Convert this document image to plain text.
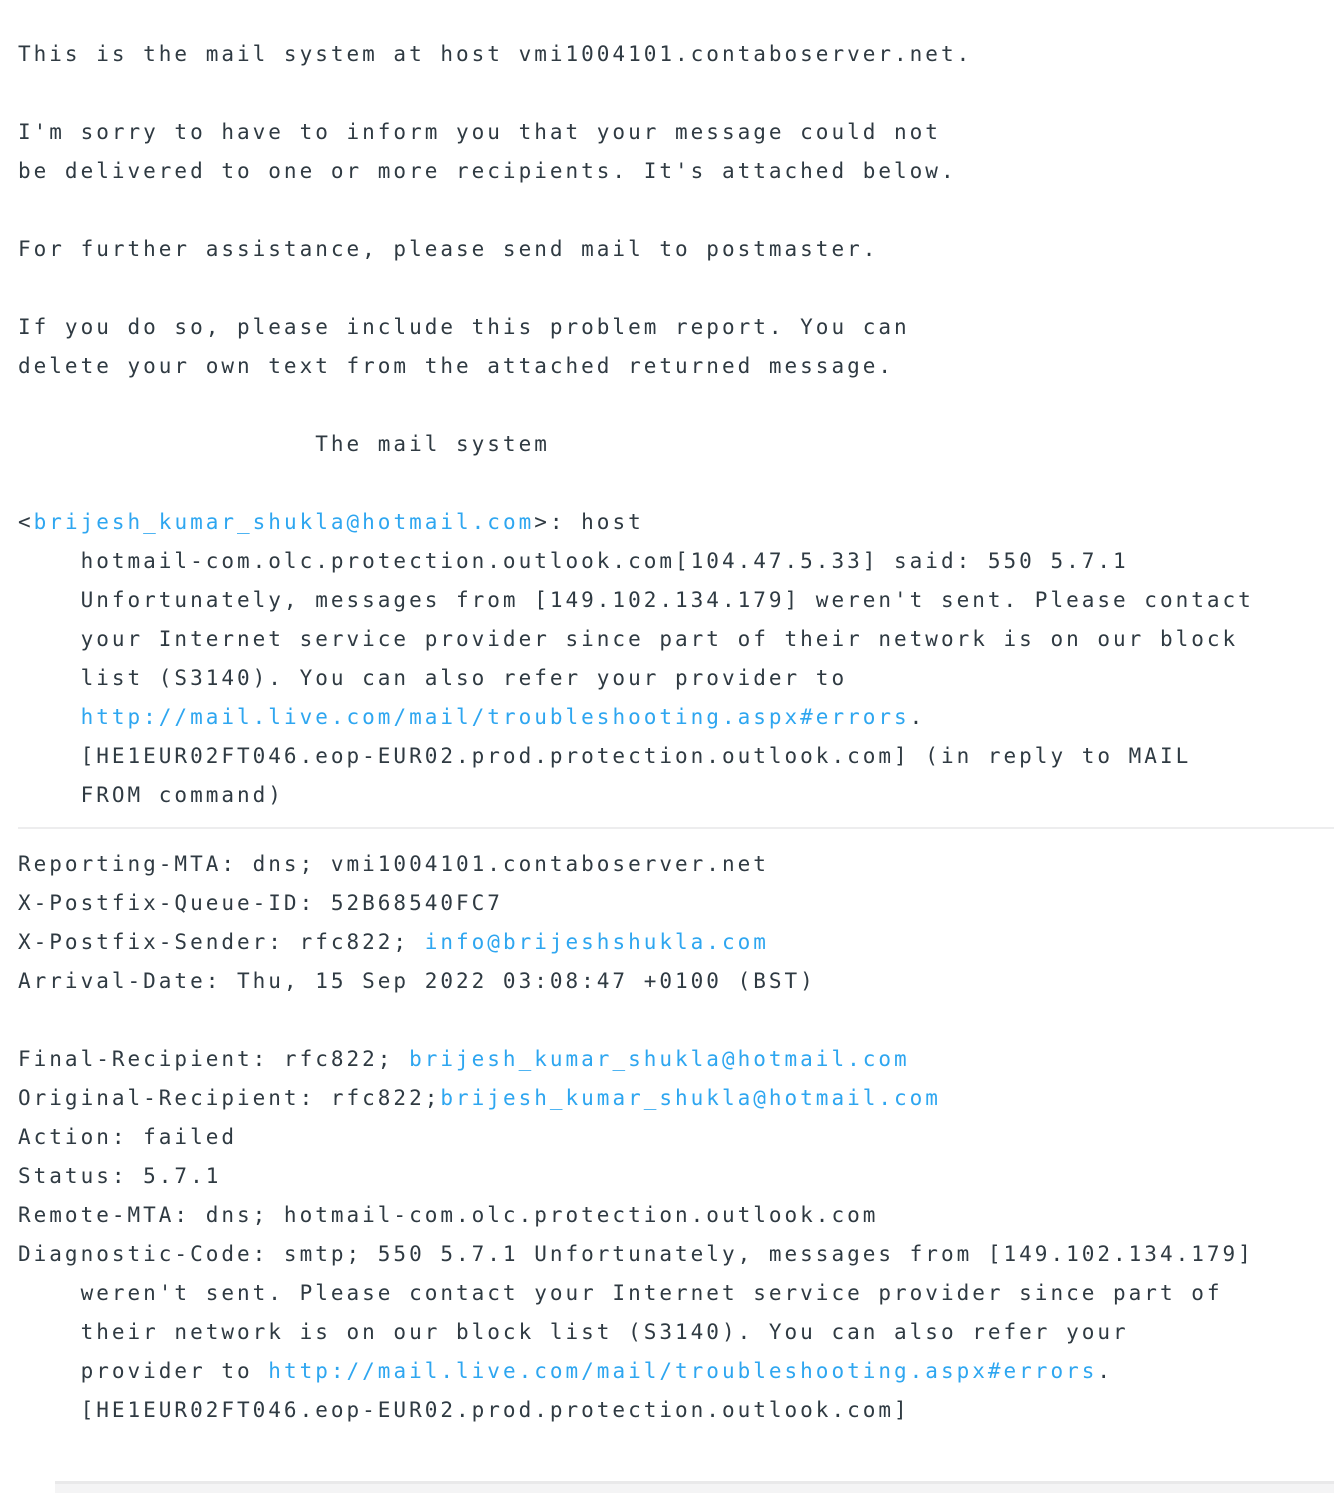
This is the mail system at host vmi1004101.contaboserver.net.

I'm sorry to have to inform you that your message could not
be delivered to one or more recipients. It's attached below.

For further assistance, please send mail to postmaster.

If you do so, please include this problem report. You can
delete your own text from the attached returned message.

The mail system

<brijesh_kumar_shukla@hotmail.com>: host
hotmail-com.olc.protection.outlook.com[104.47.5.33] said: 550 5.7.1
Unfortunately, messages from [149.102.134.179] weren't sent. Please contact
your Internet service provider since part of their network is on our block
list (S3140). You can also refer your provider to
http://mail.live.com/mail/troubleshooting.aspx#errors.
[HE1EUR02FT046.eop-EUR02.prod.protection.outlook.com] (in reply to MAIL
FROM command)

Reporting-MTA: dns; vmi1004101.contaboserver.net
X-Postfix-Queue-ID: 52B68540FC7
X-Postfix-Sender: rfc822; info@brijeshshukla.com
Arrival-Date: Thu, 15 Sep 2022 03:08:47 +0100 (BST)

Final-Recipient: rfc822; brijesh_kumar_shukla@hotmail.com
Original-Recipient: rfc822;brijesh_kumar_shukla@hotmail.com
Action: failed
Status: 5.7.1
Remote-MTA: dns; hotmail-com.olc.protection.outlook.com
Diagnostic-Code: smtp; 550 5.7.1 Unfortunately, messages from [149.102.134.179]
weren't sent. Please contact your Internet service provider since part of
their network is on our block list (S3140). You can also refer your
provider to http://mail.live.com/mail/troubleshooting.aspx#errors.
[HE1EUR02FT046.eop-EUR02.prod.protection.outlook.com]
